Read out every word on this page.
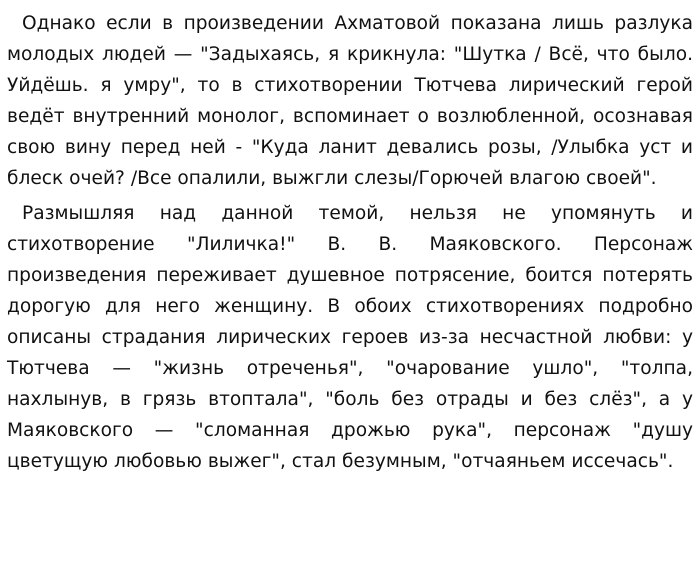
Однако если в произведении Ахматовой показана лишь разлука молодых людей — "Задыхаясь, я крикнула: "Шутка / Всё, что было. Уйдёшь. я умру", то в стихотворении Тютчева лирический герой ведёт внутренний монолог, вспоминает о возлюбленной, осознавая свою вину перед ней - "Куда ланит девались розы, /Улыбка уст и блеск очей? /Все опалили, выжгли слезы/Горючей влагою своей".

Размышляя над данной темой, нельзя не упомянуть и стихотворение "Лиличка!" В. В. Маяковского. Персонаж произведения переживает душевное потрясение, боится потерять дорогую для него женщину. В обоих стихотворениях подробно описаны страдания лирических героев из-за несчастной любви: у Тютчева — "жизнь отреченья", "очарование ушло", "толпа, нахлынув, в грязь втоптала", "боль без отрады и без слёз", а у Маяковского — "сломанная дрожью рука", персонаж "душу цветущую любовью выжег", стал безумным, "отчаяньем иссечась".
